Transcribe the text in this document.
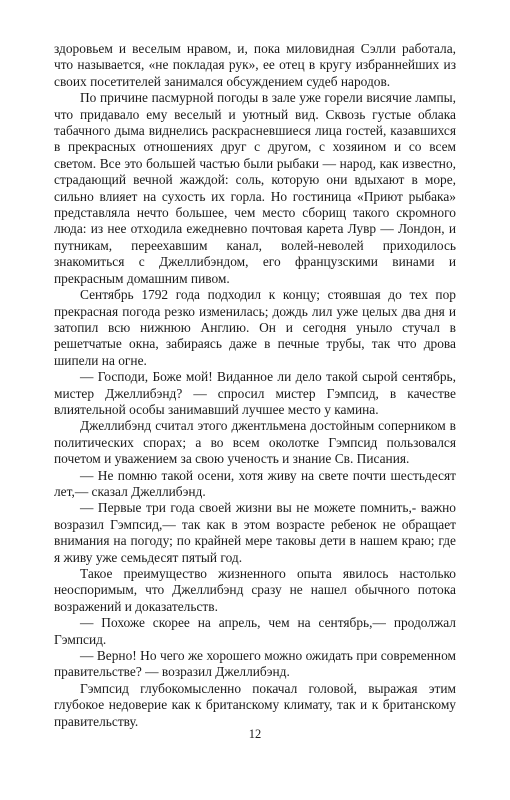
здоровьем и веселым нравом, и, пока миловидная Сэлли работала, что называется, «не покладая рук», ее отец в кругу избраннейших из своих посетителей занимался обсуждением судеб народов.

По причине пасмурной погоды в зале уже горели висячие лампы, что придавало ему веселый и уютный вид. Сквозь густые облака табачного дыма виднелись раскрасневшиеся лица гостей, казавшихся в прекрасных отношениях друг с другом, с хозяином и со всем светом. Все это большей частью были рыбаки — народ, как известно, страдающий вечной жаждой: соль, которую они вдыхают в море, сильно влияет на сухость их горла. Но гостиница «Приют рыбака» представляла нечто большее, чем место сборищ такого скромного люда: из нее отходила ежедневно почтовая карета Лувр — Лондон, и путникам, переехавшим канал, волей-неволей приходилось знакомиться с Джеллибэндом, его французскими винами и прекрасным домашним пивом.

Сентябрь 1792 года подходил к концу; стоявшая до тех пор прекрасная погода резко изменилась; дождь лил уже целых два дня и затопил всю нижнюю Англию. Он и сегодня уныло стучал в решетчатые окна, забираясь даже в печные трубы, так что дрова шипели на огне.

— Господи, Боже мой! Виданное ли дело такой сырой сентябрь, мистер Джеллибэнд? — спросил мистер Гэмпсид, в качестве влиятельной особы занимавший лучшее место у камина.

Джеллибэнд считал этого джентльмена достойным соперником в политических спорах; а во всем околотке Гэмпсид пользовался почетом и уважением за свою ученость и знание Св. Писания.

— Не помню такой осени, хотя живу на свете почти шестьдесят лет,— сказал Джеллибэнд.

— Первые три года своей жизни вы не можете помнить,- важно возразил Гэмпсид,— так как в этом возрасте ребенок не обращает внимания на погоду; по крайней мере таковы дети в нашем краю; где я живу уже семьдесят пятый год.

Такое преимущество жизненного опыта явилось настолько неоспоримым, что Джеллибэнд сразу не нашел обычного потока возражений и доказательств.

— Похоже скорее на апрель, чем на сентябрь,— продолжал Гэмпсид.

— Верно! Но чего же хорошего можно ожидать при современном правительстве? — возразил Джеллибэнд.

Гэмпсид глубокомысленно покачал головой, выражая этим глубокое недоверие как к британскому климату, так и к британскому правительству.

12
